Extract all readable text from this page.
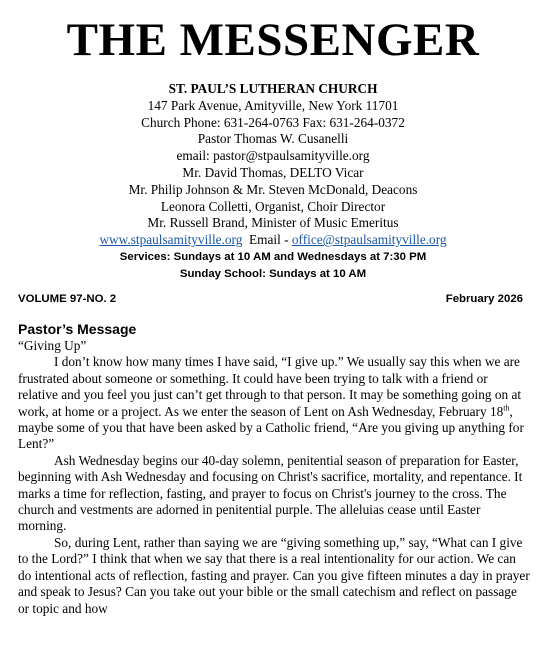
THE MESSENGER
ST. PAUL’S LUTHERAN CHURCH
147 Park Avenue, Amityville, New York 11701
Church Phone: 631-264-0763 Fax: 631-264-0372
Pastor Thomas W. Cusanelli
email: pastor@stpaulsamityville.org
Mr. David Thomas, DELTO Vicar
Mr. Philip Johnson & Mr. Steven McDonald, Deacons
Leonora Colletti, Organist, Choir Director
Mr. Russell Brand, Minister of Music Emeritus
www.stpaulsamityville.org Email - office@stpaulsamityville.org
Services: Sundays at 10 AM and Wednesdays at 7:30 PM
Sunday School: Sundays at 10 AM
VOLUME 97-NO. 2	February 2026
Pastor’s Message

“Giving Up”

I don’t know how many times I have said, “I give up.” We usually say this when we are frustrated about someone or something. It could have been trying to talk with a friend or relative and you feel you just can’t get through to that person. It may be something going on at work, at home or a project. As we enter the season of Lent on Ash Wednesday, February 18th, maybe some of you that have been asked by a Catholic friend, “Are you giving up anything for Lent?”

Ash Wednesday begins our 40-day solemn, penitential season of preparation for Easter, beginning with Ash Wednesday and focusing on Christ's sacrifice, mortality, and repentance. It marks a time for reflection, fasting, and prayer to focus on Christ's journey to the cross. The church and vestments are adorned in penitential purple. The alleluias cease until Easter morning.

So, during Lent, rather than saying we are “giving something up,” say, “What can I give to the Lord?” I think that when we say that there is a real intentionality for our action. We can do intentional acts of reflection, fasting and prayer. Can you give fifteen minutes a day in prayer and speak to Jesus? Can you take out your bible or the small catechism and reflect on passage or topic and how
